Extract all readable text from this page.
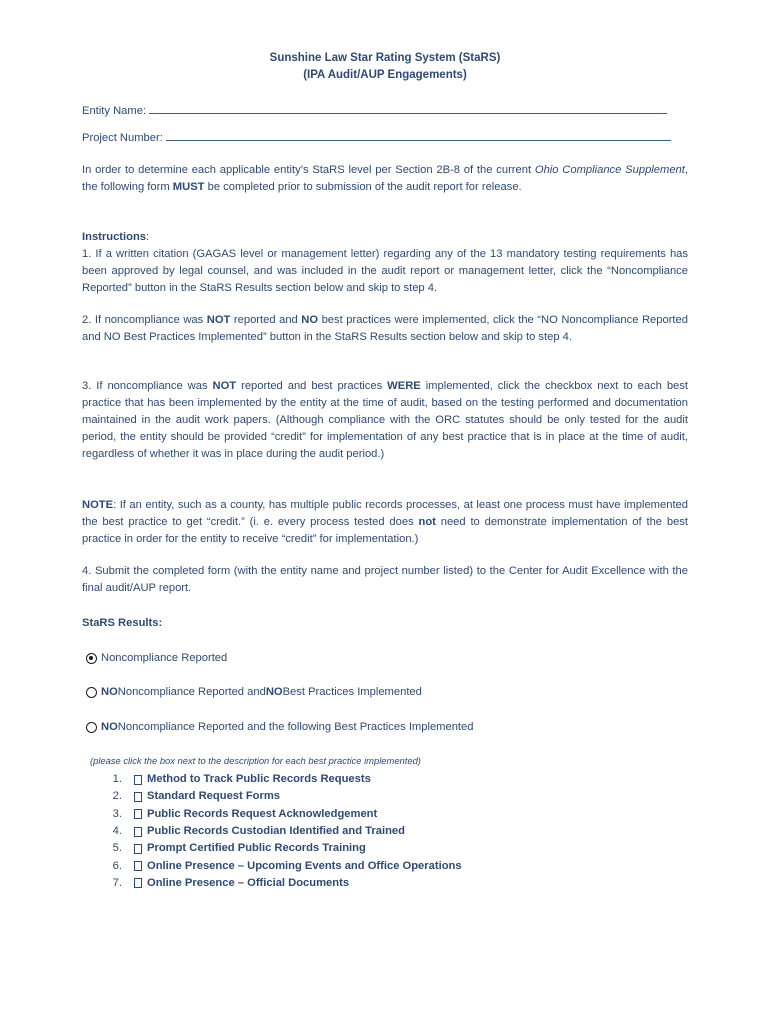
Sunshine Law Star Rating System (StaRS)
(IPA Audit/AUP Engagements)
Entity Name:
Project Number:
In order to determine each applicable entity’s StaRS level per Section 2B-8 of the current Ohio Compliance Supplement, the following form MUST be completed prior to submission of the audit report for release.
Instructions:
1. If a written citation (GAGAS level or management letter) regarding any of the 13 mandatory testing requirements has been approved by legal counsel, and was included in the audit report or management letter, click the “Noncompliance Reported” button in the StaRS Results section below and skip to step 4.
2. If noncompliance was NOT reported and NO best practices were implemented, click the “NO Noncompliance Reported and NO Best Practices Implemented” button in the StaRS Results section below and skip to step 4.
3. If noncompliance was NOT reported and best practices WERE implemented, click the checkbox next to each best practice that has been implemented by the entity at the time of audit, based on the testing performed and documentation maintained in the audit work papers. (Although compliance with the ORC statutes should be only tested for the audit period, the entity should be provided “credit” for implementation of any best practice that is in place at the time of audit, regardless of whether it was in place during the audit period.)
NOTE: If an entity, such as a county, has multiple public records processes, at least one process must have implemented the best practice to get “credit.” (i. e. every process tested does not need to demonstrate implementation of the best practice in order for the entity to receive “credit” for implementation.)
4. Submit the completed form (with the entity name and project number listed) to the Center for Audit Excellence with the final audit/AUP report.
StaRS Results:
Noncompliance Reported
NO Noncompliance Reported and NO Best Practices Implemented
NO Noncompliance Reported and the following Best Practices Implemented
(please click the box next to the description for each best practice implemented)
1. Method to Track Public Records Requests
2. Standard Request Forms
3. Public Records Request Acknowledgement
4. Public Records Custodian Identified and Trained
5. Prompt Certified Public Records Training
6. Online Presence – Upcoming Events and Office Operations
7. Online Presence – Official Documents
